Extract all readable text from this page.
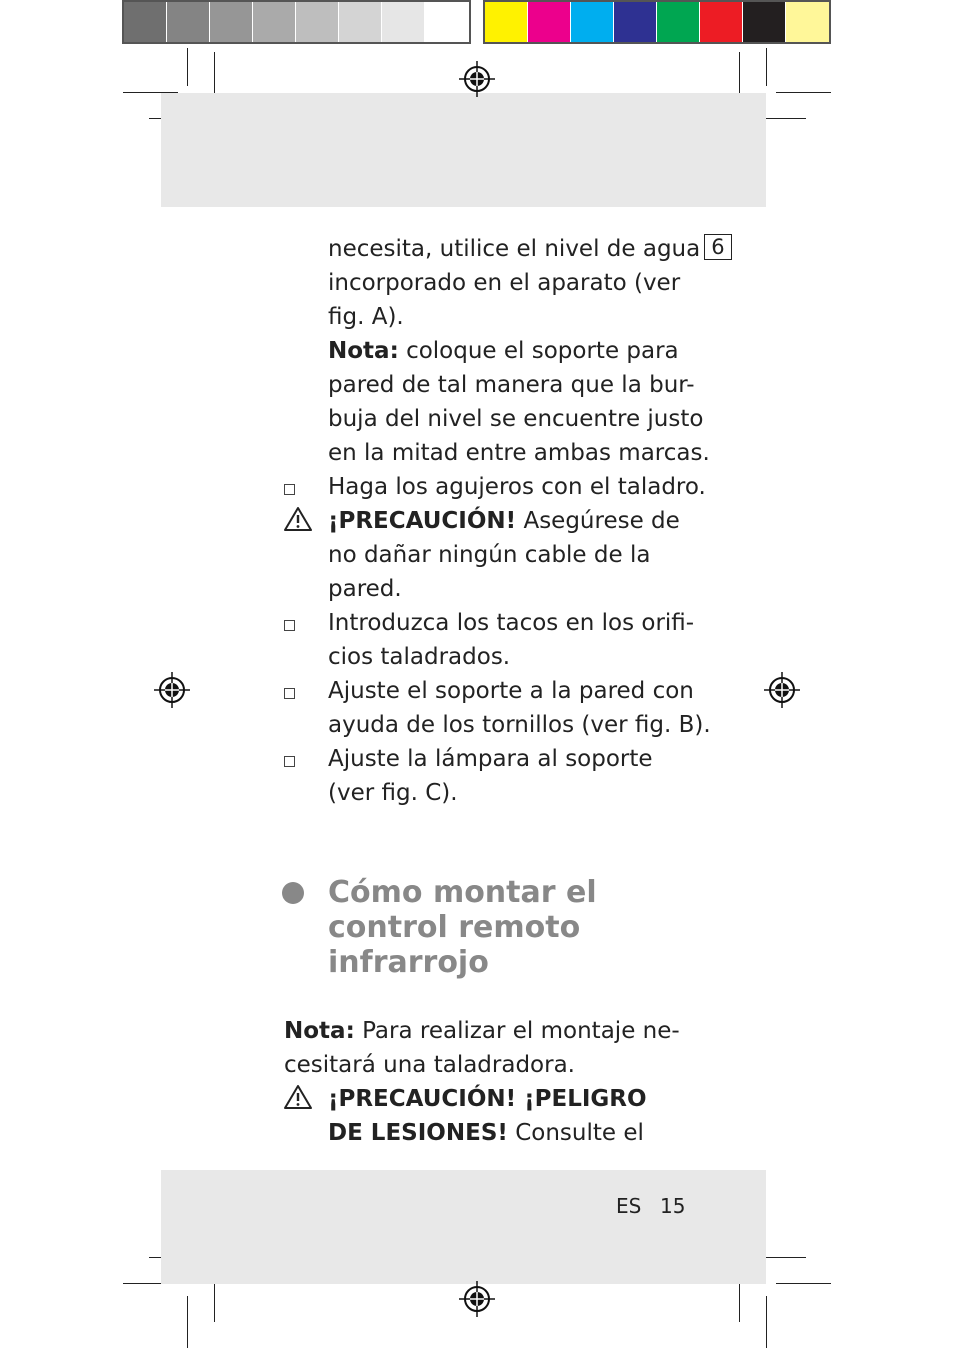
necesita, utilice el nivel de agua 6
incorporado en el aparato (ver
fig. A).
Nota: coloque el soporte para
pared de tal manera que la bur-
buja del nivel se encuentre justo
en la mitad entre ambas marcas.
Haga los agujeros con el taladro.
¡PRECAUCIÓN! Asegúrese de
no dañar ningún cable de la
pared.
Introduzca los tacos en los orifi-
cios taladrados.
Ajuste el soporte a la pared con
ayuda de los tornillos (ver fig. B).
Ajuste la lámpara al soporte
(ver fig. C).
Cómo montar el
control remoto
infrarrojo
Nota: Para realizar el montaje ne-
cesitará una taladradora.
¡PRECAUCIÓN! ¡PELIGRO
DE LESIONES! Consulte el
ES 15
